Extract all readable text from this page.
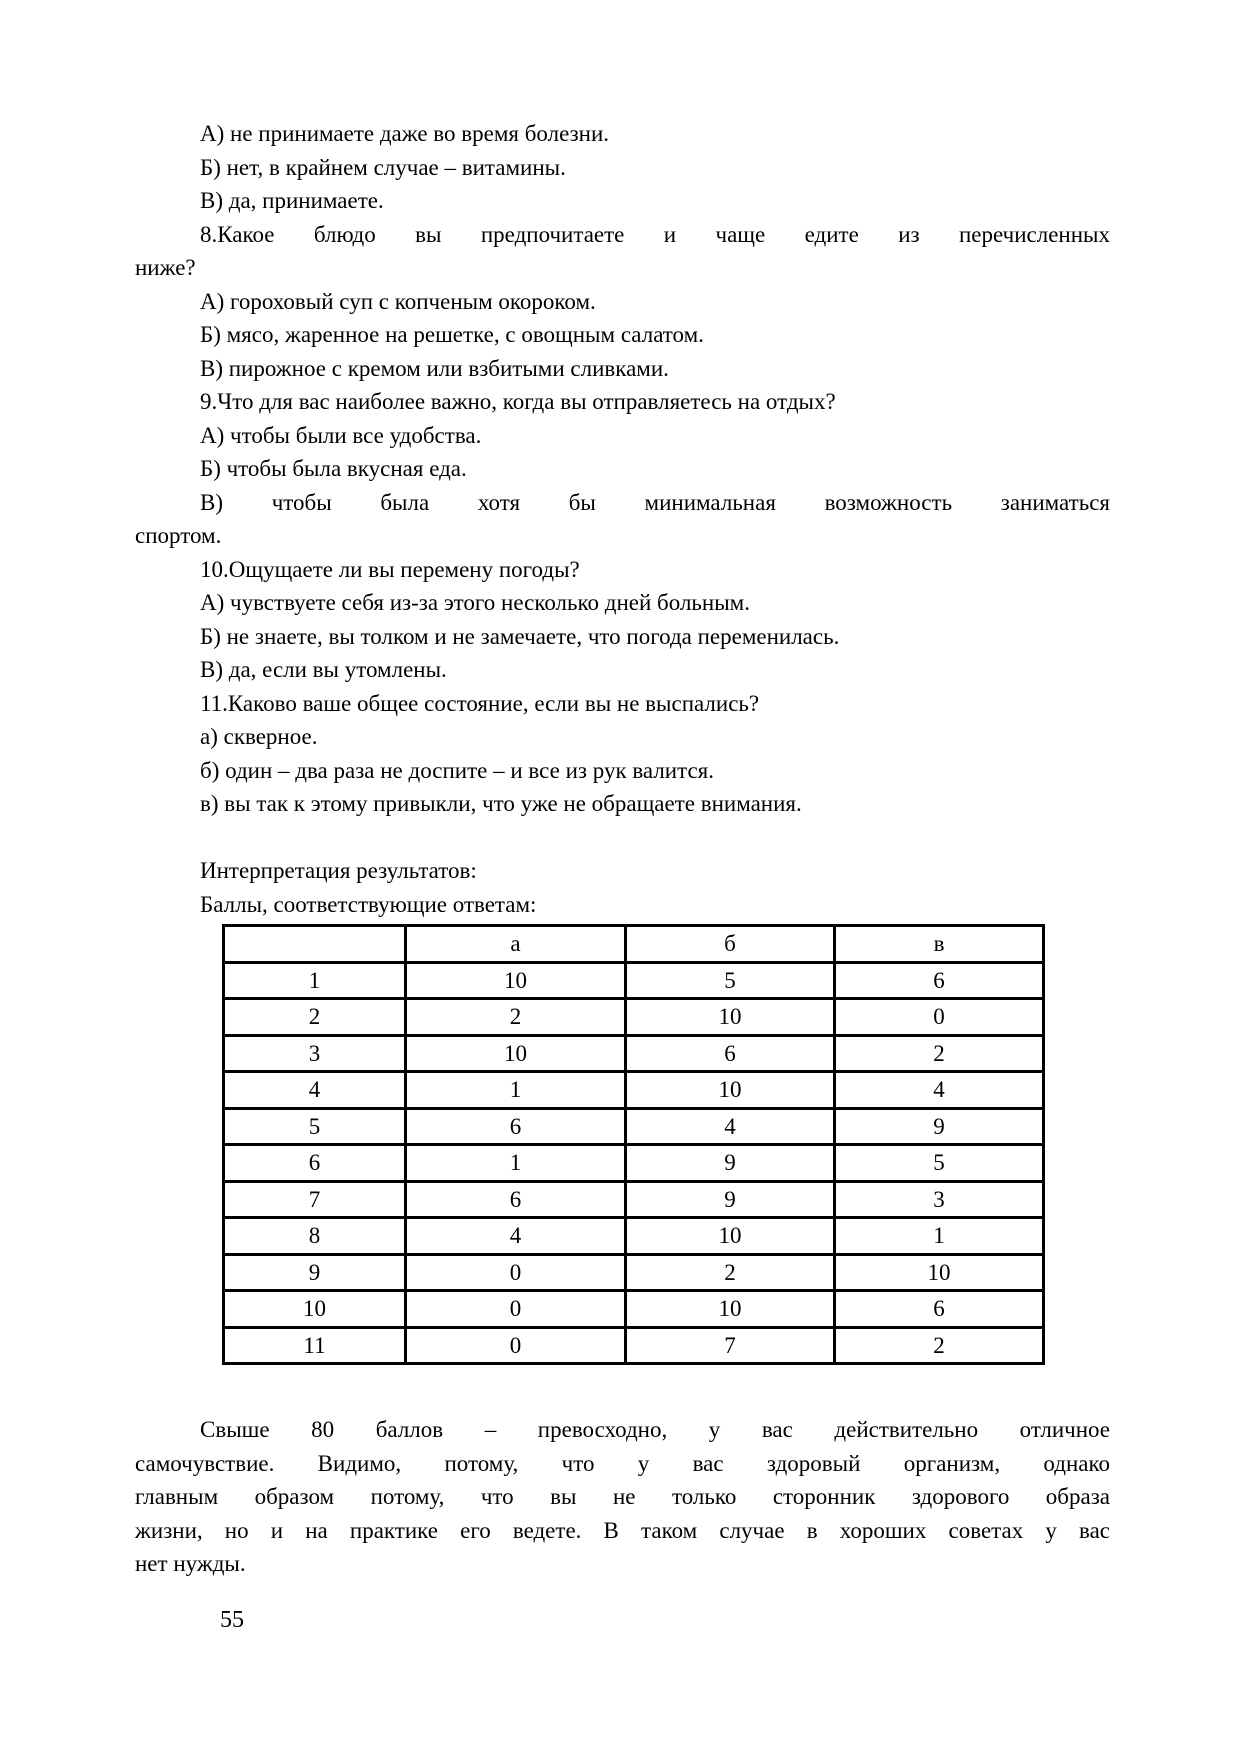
А) не принимаете даже во время болезни.
Б) нет, в крайнем случае – витамины.
В) да, принимаете.
8.Какое блюдо вы предпочитаете и чаще едите из перечисленных
ниже?
А) гороховый суп с копченым окороком.
Б) мясо, жаренное на решетке, с овощным салатом.
В) пирожное с кремом или взбитыми сливками.
9.Что для вас наиболее важно, когда вы отправляетесь на отдых?
А) чтобы были все удобства.
Б) чтобы была вкусная еда.
В) чтобы была хотя бы минимальная возможность заниматься
спортом.
10.Ощущаете ли вы перемену погоды?
А) чувствуете себя из-за этого несколько дней больным.
Б) не знаете, вы толком и не замечаете, что погода переменилась.
В) да, если вы утомлены.
11.Каково ваше общее состояние, если вы не выспались?
а) скверное.
б) один – два раза не доспите – и все из рук валится.
в) вы так к этому привыкли, что уже не обращаете внимания.
Интерпретация результатов:
Баллы, соответствующие ответам:
	а	б	в
1	10	5	6
2	2	10	0
3	10	6	2
4	1	10	4
5	6	4	9
6	1	9	5
7	6	9	3
8	4	10	1
9	0	2	10
10	0	10	6
11	0	7	2
Свыше 80 баллов – превосходно, у вас действительно отличное
самочувствие. Видимо, потому, что у вас здоровый организм, однако
главным образом потому, что вы не только сторонник здорового образа
жизни, но и на практике его ведете. В таком случае в хороших советах у вас
нет нужды.
55
